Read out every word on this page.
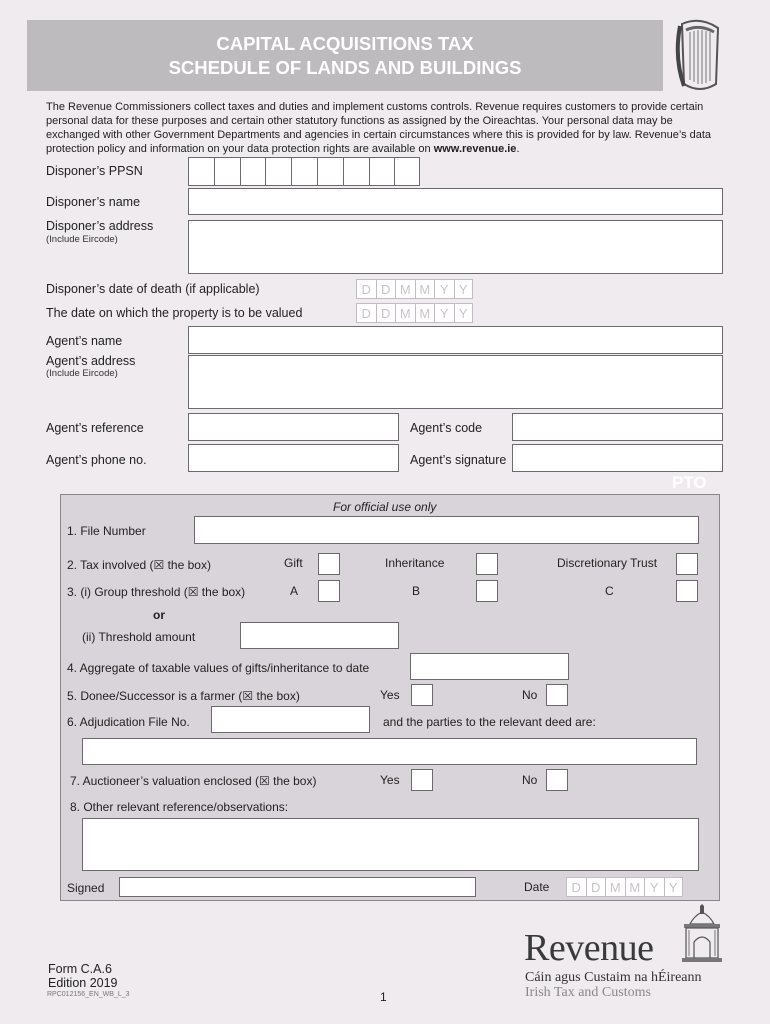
CAPITAL ACQUISITIONS TAX
SCHEDULE OF LANDS AND BUILDINGS
The Revenue Commissioners collect taxes and duties and implement customs controls. Revenue requires customers to provide certain personal data for these purposes and certain other statutory functions as assigned by the Oireachtas. Your personal data may be exchanged with other Government Departments and agencies in certain circumstances where this is provided for by law. Revenue’s data protection policy and information on your data protection rights are available on www.revenue.ie.
Disponer’s PPSN
Disponer’s name
Disponer’s address
(Include Eircode)
Disponer’s date of death (if applicable)	D D M M Y Y
The date on which the property is to be valued	D D M M Y Y
Agent’s name
Agent’s address
(Include Eircode)
Agent’s reference	Agent’s code
Agent’s phone no.	Agent’s signature
PTO
For official use only
1. File Number
2. Tax involved (☒ the box)	Gift	Inheritance	Discretionary Trust
3. (i) Group threshold (☒ the box)	A	B	C
or
(ii) Threshold amount
4. Aggregate of taxable values of gifts/inheritance to date
5. Donee/Successor is a farmer (☒ the box)	Yes	No
6. Adjudication File No.	and the parties to the relevant deed are:
7. Auctioneer’s valuation enclosed (☒ the box)	Yes	No
8. Other relevant reference/observations:
Signed	Date	D D M M Y Y
Form C.A.6
Edition 2019
RPC012156_EN_WB_L_3	1
Revenue
Cáin agus Custaim na hÉireann
Irish Tax and Customs
